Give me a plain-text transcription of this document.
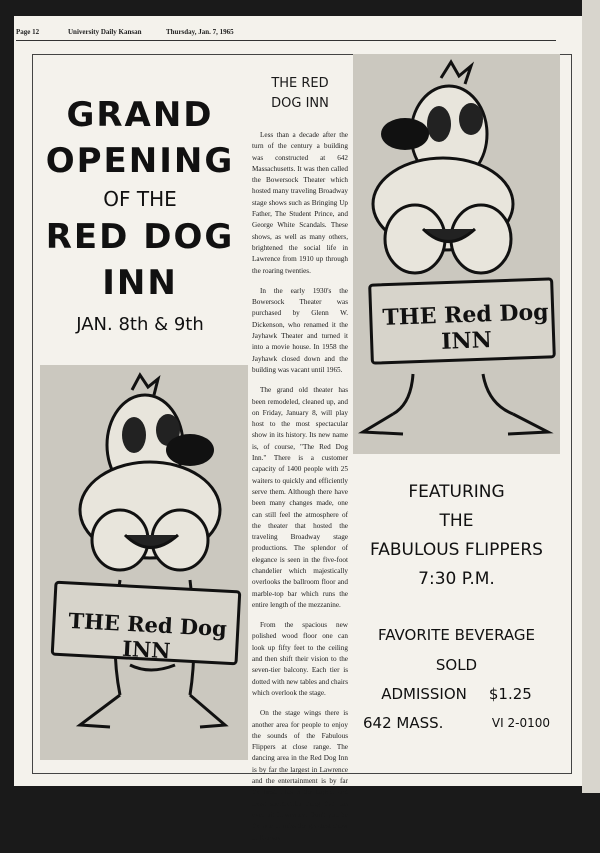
Page 12	University Daily Kansan	Thursday, Jan. 7, 1965
GRAND
OPENING
OF THE
RED DOG
INN
JAN. 8th & 9th
THE Red Dog INN
THE Red Dog INN
THE RED
DOG INN

Less than a decade after the turn of the century a building was constructed at 642 Massachusetts. It was then called the Bowersock Theater which hosted many traveling Broadway stage shows such as Bringing Up Father, The Student Prince, and George White Scandals. These shows, as well as many others, brightened the social life in Lawrence from 1910 up through the roaring twenties.

In the early 1930's the Bowersock Theater was purchased by Glenn W. Dickenson, who renamed it the Jayhawk Theater and turned it into a movie house. In 1958 the Jayhawk closed down and the building was vacant until 1965.

The grand old theater has been remodeled, cleaned up, and on Friday, January 8, will play host to the most spectacular show in its history. Its new name is, of course, "The Red Dog Inn." There is a customer capacity of 1400 people with 25 waiters to quickly and efficiently serve them. Although there have been many changes made, one can still feel the atmosphere of the theater that hosted the traveling Broadway stage productions. The splendor of elegance is seen in the five-foot chandelier which majestically overlooks the ballroom floor and marble-top bar which runs the entire length of the mezzanine.

From the spacious new polished wood floor one can look up fifty feet to the ceiling and then shift their vision to the seven-tier balcony. Each tier is dotted with new tables and chairs which overlook the stage.

On the stage wings there is another area for people to enjoy the sounds of the Fabulous Flippers at close range. The dancing area in the Red Dog Inn is by far the largest in Lawrence and the entertainment is by far the best. This is the largest and most spectacular thing that has ever hit Lawrence. Don't you be the one to miss the greatest show in Kansas.

FEATURING
THE
FABULOUS FLIPPERS
7:30 P.M.
FAVORITE BEVERAGE
SOLD
ADMISSION $1.25
642 MASS.	VI 2-0100
